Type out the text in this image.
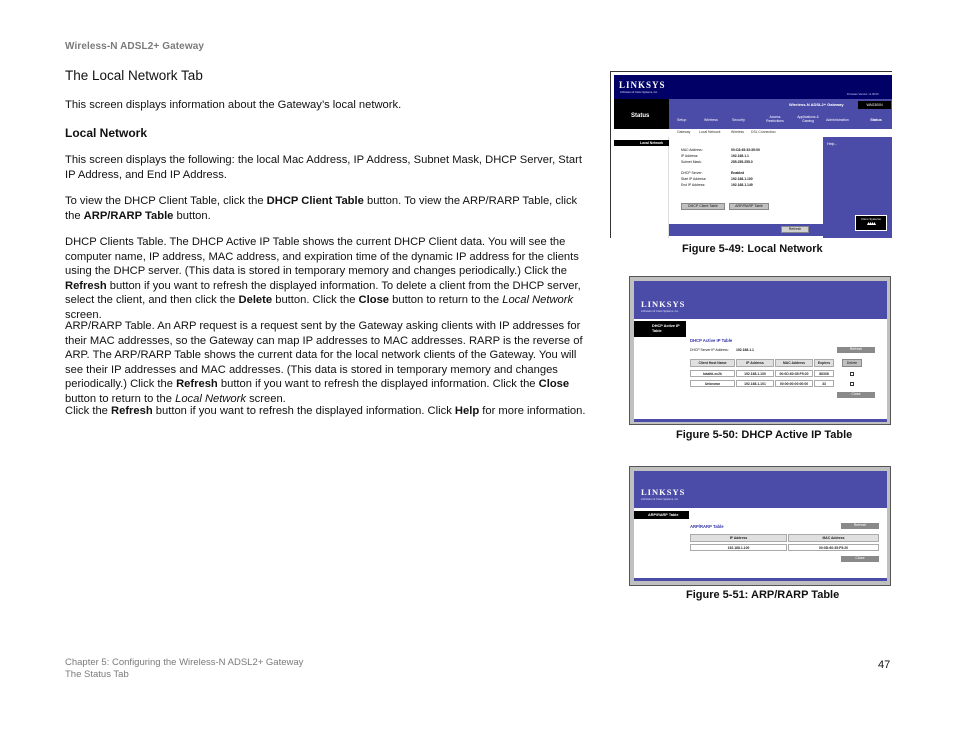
Wireless-N ADSL2+ Gateway
The Local Network Tab
This screen displays information about the Gateway’s local network.
Local Network
This screen displays the following: the local Mac Address, IP Address, Subnet Mask, DHCP Server, Start IP Address, and End IP Address.
To view the DHCP Client Table, click the DHCP Client Table button. To view the ARP/RARP Table, click the ARP/RARP Table button.
DHCP Clients Table. The DHCP Active IP Table shows the current DHCP Client data. You will see the computer name, IP address, MAC address, and expiration time of the dynamic IP address for the clients using the DHCP server. (This data is stored in temporary memory and changes periodically.) Click the Refresh button if you want to refresh the displayed information. To delete a client from the DHCP server, select the client, and then click the Delete button. Click the Close button to return to the Local Network screen.
ARP/RARP Table. An ARP request is a request sent by the Gateway asking clients with IP addresses for their MAC addresses, so the Gateway can map IP addresses to MAC addresses. RARP is the reverse of ARP. The ARP/RARP Table shows the current data for the local network clients of the Gateway. You will see their IP addresses and MAC addresses. (This data is stored in temporary memory and changes periodically.) Click the Refresh button if you want to refresh the displayed information. Click the Close button to return to the Local Network screen.
Click the Refresh button if you want to refresh the displayed information. Click Help for more information.
LINKSYS
A Division of Cisco Systems, Inc.
Firmware Version: v1.00.00
Status
Wireless-N ADSL2+ Gateway	WAG300N
Setup	Wireless	Security
Access Restrictions
Applications & Gaming	Administration	Status
Gateway	Local Network	Wireless DSL Connection
Local Network	Help...
MAC Address:	00:C8:45:33:35:00
IP Address:	192.168.1.1
Subnet Mask:	255.255.255.0
DHCP Server:	Enabled
Start IP Address:	192.168.1.100
End IP Address:	192.168.1.149
DHCP Client Table	ARP/RARP Table
Refresh
Cisco Systems
▴▴▴▴
LINKSYS
A Division of Cisco Systems, Inc.
DHCP Active IP Table
DHCP Active IP Table
DHCP Server IP Address: 192.168.1.1	Refresh
Client Host Name	IP Address	MAC Address	Expires	Delete
totaltii-xc2k	192.168.1.100	00:0D:60:35:F5:20	86308
Unknown	192.168.1.101	00:00:00:00:00:00	33
Close
LINKSYS
A Division of Cisco Systems, Inc.
ARP/RARP Table
ARP/RARP Table	Refresh
IP Address	MAC Address
192.168.1.100	00:0D:60:35:F5:20
Close
Figure 5-49: Local Network
Figure 5-50: DHCP Active IP Table
Figure 5-51: ARP/RARP Table
Chapter 5: Configuring the Wireless-N ADSL2+ Gateway
The Status Tab
47
